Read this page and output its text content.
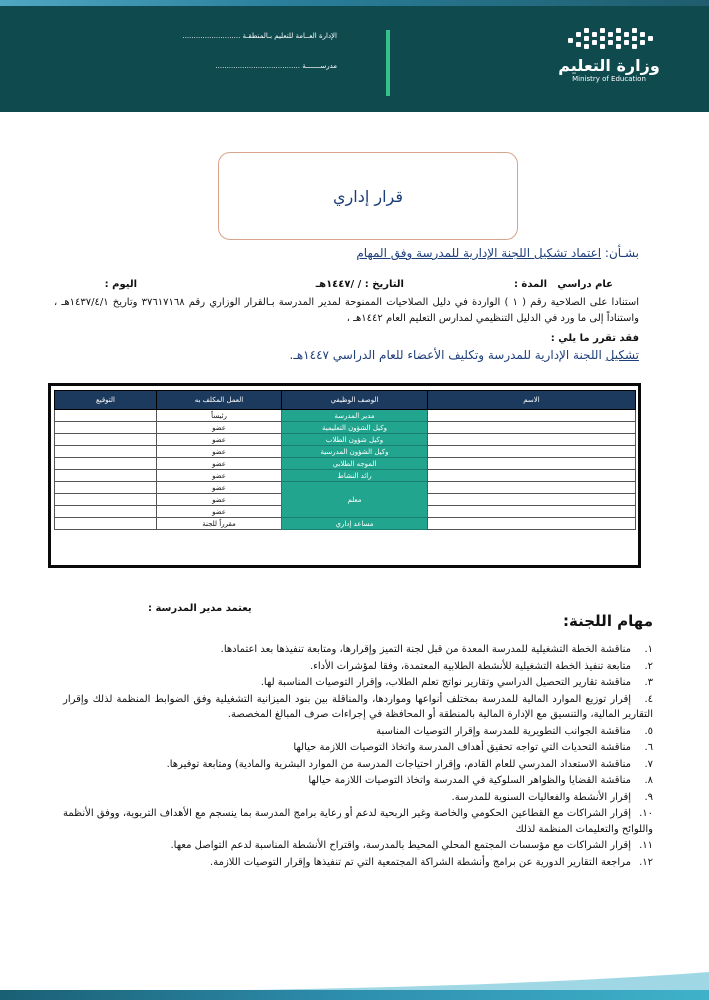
الإدارة العــامة للتعليم بـالمنطقـة ..........................
مدرســـــــة ......................................	وزارة التعليم
Ministry of Education
قرار إداري
بشـأن: اعتماد تشكيل اللجنة الإدارية للمدرسة وفق المهام
اليوم :	التاريخ : / /١٤٤٧هـ	المدة : عام دراسي
استنادا على الصلاحية رقم ( ١ ) الواردة في دليل الصلاحيات الممنوحة لمدير المدرسة بـالقرار الوزاري رقم ٣٧٦١٧١٦٨ وتاريخ ١٤٣٧/٤/١هـ ، واستناداً إلى ما ورد في الدليل التنظيمي لمدارس التعليم العام ١٤٤٢هـ ،
فقد تقرر ما يلي :
تشكيل اللجنة الإدارية للمدرسة وتكليف الأعضاء للعام الدراسي ١٤٤٧هـ.
الاسم	الوصف الوظيفي	العمل المكلف به	التوقيع
	مدير المدرسة	رئيساً	
	وكيل الشؤون التعليمية	عضو	
	وكيل شؤون الطلاب	عضو	
	وكيل الشؤون المدرسية	عضو	
	الموجه الطلابي	عضو	
	رائد النشاط	عضو	
	معلم	عضو	
		عضو	
		عضو	
	مساعد إداري	مقرراً للجنة	
يعتمد مدير المدرسة :
مهام اللجنة:
١.مناقشة الخطة التشغيلية للمدرسة المعدة من قبل لجنة التميز وإقرارها، ومتابعة تنفيذها بعد اعتمادها.
٢.متابعة تنفيذ الخطة التشغيلية للأنشطة الطلابية المعتمدة، وفقا لمؤشرات الأداء.
٣.مناقشة تقارير التحصيل الدراسي وتقارير نواتج تعلم الطلاب، وإقرار التوصيات المناسبة لها.
٤.إقرار توزيع الموارد المالية للمدرسة بمختلف أنواعها ومواردها، والمناقلة بين بنود الميزانية التشغيلية وفق الضوابط المنظمة لذلك وإقرار التقارير المالية، والتنسيق مع الإدارة المالية بالمنطقة أو المحافظة في إجراءات صرف المبالغ المخصصة.
٥.مناقشة الجوانب التطويرية للمدرسة وإقرار التوصيات المناسبة
٦.مناقشة التحديات التي تواجه تحقيق أهداف المدرسة واتخاذ التوصيات اللازمة حيالها
٧.مناقشة الاستعداد المدرسي للعام القادم، وإقرار احتياجات المدرسة من الموارد البشرية والمادية) ومتابعة توفيرها.
٨.مناقشة القضايا والظواهر السلوكية في المدرسة واتخاذ التوصيات اللازمة حيالها
٩.إقرار الأنشطة والفعاليات السنوية للمدرسة.
١٠.إقرار الشراكات مع القطاعين الحكومي والخاصة وغير الربحية لدعم أو رعاية برامج المدرسة بما ينسجم مع الأهداف التربوية، ووفق الأنظمة واللوائح والتعليمات المنظمة لذلك
١١.إقرار الشراكات مع مؤسسات المجتمع المحلي المحيط بالمدرسة، واقتراح الأنشطة المناسبة لدعم التواصل معها.
١٢.مراجعة التقارير الدورية عن برامج وأنشطة الشراكة المجتمعية التي تم تنفيذها وإقرار التوصيات اللازمة.
